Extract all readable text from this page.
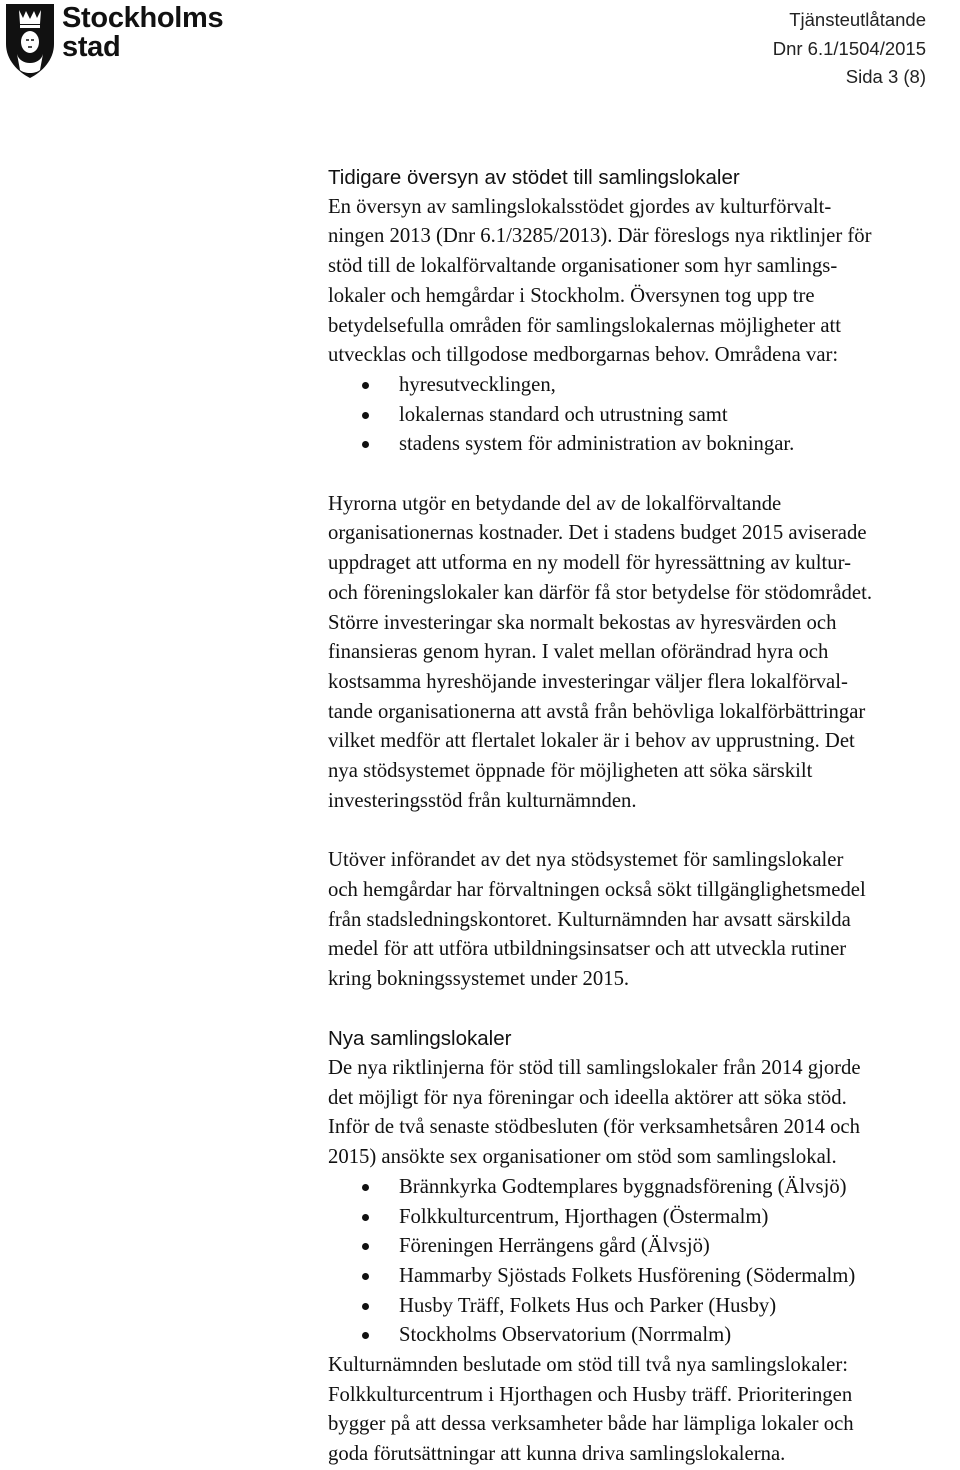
Stockholms
stad
Tjänsteutlåtande
Dnr 6.1/1504/2015
Sida 3 (8)
Tidigare översyn av stödet till samlingslokaler

En översyn av samlingslokalsstödet gjordes av kulturförvalt-

ningen 2013 (Dnr 6.1/3285/2013). Där föreslogs nya riktlinjer för

stöd till de lokalförvaltande organisationer som hyr samlings-

lokaler och hemgårdar i Stockholm. Översynen tog upp tre

betydelsefulla områden för samlingslokalernas möjligheter att

utvecklas och tillgodose medborgarnas behov. Områdena var:

hyresutvecklingen,
lokalernas standard och utrustning samt
stadens system för administration av bokningar.

Hyrorna utgör en betydande del av de lokalförvaltande

organisationernas kostnader. Det i stadens budget 2015 aviserade

uppdraget att utforma en ny modell för hyressättning av kultur-

och föreningslokaler kan därför få stor betydelse för stödområdet.

Större investeringar ska normalt bekostas av hyresvärden och

finansieras genom hyran. I valet mellan oförändrad hyra och

kostsamma hyreshöjande investeringar väljer flera lokalförval-

tande organisationerna att avstå från behövliga lokalförbättringar

vilket medför att flertalet lokaler är i behov av upprustning. Det

nya stödsystemet öppnade för möjligheten att söka särskilt

investeringsstöd från kulturnämnden.

Utöver införandet av det nya stödsystemet för samlingslokaler

och hemgårdar har förvaltningen också sökt tillgänglighetsmedel

från stadsledningskontoret. Kulturnämnden har avsatt särskilda

medel för att utföra utbildningsinsatser och att utveckla rutiner

kring bokningssystemet under 2015.

Nya samlingslokaler

De nya riktlinjerna för stöd till samlingslokaler från 2014 gjorde

det möjligt för nya föreningar och ideella aktörer att söka stöd.

Inför de två senaste stödbesluten (för verksamhetsåren 2014 och

2015) ansökte sex organisationer om stöd som samlingslokal.

Brännkyrka Godtemplares byggnadsförening (Älvsjö)
Folkkulturcentrum, Hjorthagen (Östermalm)
Föreningen Herrängens gård (Älvsjö)
Hammarby Sjöstads Folkets Husförening (Södermalm)
Husby Träff, Folkets Hus och Parker (Husby)
Stockholms Observatorium (Norrmalm)

Kulturnämnden beslutade om stöd till två nya samlingslokaler:

Folkkulturcentrum i Hjorthagen och Husby träff. Prioriteringen

bygger på att dessa verksamheter både har lämpliga lokaler och

goda förutsättningar att kunna driva samlingslokalerna.
